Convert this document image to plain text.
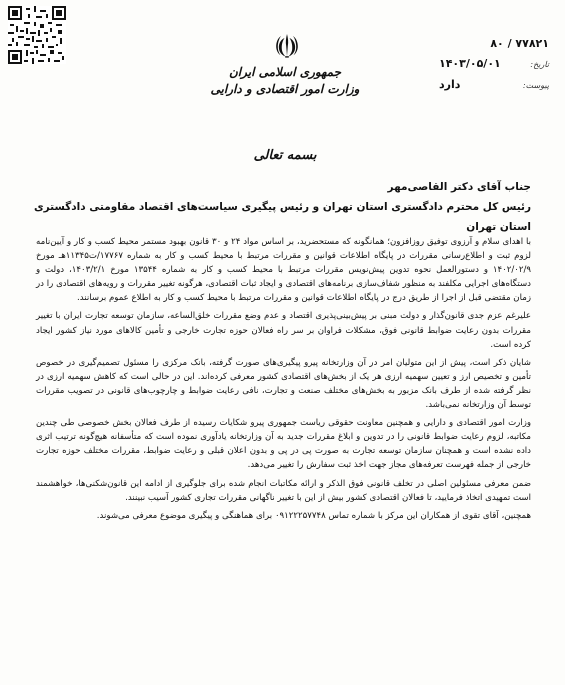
۸۰ / ۷۷۸۲۱
تاریخ:
۱۴۰۳/۰۵/۰۱
پیوست:
دارد
جمهوری اسلامی ایران
وزارت امور اقتصادی و دارایی
بسمه تعالی
جناب آقای دکتر القاصی‌مهر
رئیس کل محترم دادگستری استان تهران و رئیس پیگیری سیاست‌های اقتصاد مقاومتی دادگستری استان تهران

با اهدای سلام و آرزوی توفیق روزافزون؛ همانگونه که مستحضرید، بر اساس مواد ۲۴ و ۳۰ قانون بهبود مستمر محیط کسب و کار و آیین‌نامه لزوم ثبت و اطلاع‌رسانی مقررات در پایگاه اطلاعات قوانین و مقررات مرتبط با محیط کسب و کار به شماره ۱۷۷۶۷/ت۱۱۳۴۵هـ مورخ ۱۴۰۲/۰۲/۹ و دستورالعمل نحوه تدوین پیش‌نویس مقررات مرتبط با محیط کسب و کار به شماره ۱۳۵۴۴ مورخ ۱۴۰۳/۲/۱، دولت و دستگاه‌های اجرایی مکلفند به منظور شفاف‌سازی برنامه‌های اقتصادی و ایجاد ثبات اقتصادی، هرگونه تغییر مقررات و رویه‌های اقتصادی را در زمان مقتضی قبل از اجرا از طریق درج در پایگاه اطلاعات قوانین و مقررات مرتبط با محیط کسب و کار به اطلاع عموم برسانند.

علیرغم عزم جدی قانون‌گذار و دولت مبنی بر پیش‌بینی‌پذیری اقتصاد و عدم وضع مقررات خلق‌الساعه، سازمان توسعه تجارت ایران با تغییر مقررات بدون رعایت ضوابط قانونی فوق، مشکلات فراوان بر سر راه فعالان حوزه تجارت خارجی و تأمین کالاهای مورد نیاز کشور ایجاد کرده است.

شایان ذکر است، پیش از این متولیان امر در آن وزارتخانه پیرو پیگیری‌های صورت گرفته، بانک مرکزی را مسئول تصمیم‌گیری در خصوص تأمین و تخصیص ارز و تعیین سهمیه ارزی هر یک از بخش‌های اقتصادی کشور معرفی کرده‌اند. این در حالی است که کاهش سهمیه ارزی در نظر گرفته شده از طرف بانک مزبور به بخش‌های مختلف صنعت و تجارت، نافی رعایت ضوابط و چارچوب‌های قانونی در تصویب مقررات توسط آن وزارتخانه نمی‌باشد.

وزارت امور اقتصادی و دارایی و همچنین معاونت حقوقی ریاست جمهوری پیرو شکایات رسیده از طرف فعالان بخش خصوصی طی چندین مکاتبه، لزوم رعایت ضوابط قانونی را در تدوین و ابلاغ مقررات جدید به آن وزارتخانه یادآوری نموده است که متأسفانه هیچ‌گونه ترتیب اثری داده نشده است و همچنان سازمان توسعه تجارت به صورت پی در پی و بدون اعلان قبلی و رعایت ضوابط، مقررات مختلف حوزه تجارت خارجی از جمله فهرست تعرفه‌های مجاز جهت اخذ ثبت سفارش را تغییر می‌دهد.

ضمن معرفی مسئولین اصلی در تخلف قانونی فوق الذکر و ارائه مکاتبات انجام شده برای جلوگیری از ادامه این قانون‌شکنی‌ها، خواهشمند است تمهیدی اتخاذ فرمایید، تا فعالان اقتصادی کشور بیش از این با تغییر ناگهانی مقررات تجاری کشور آسیب نبینند.

همچنین، آقای تقوی از همکاران این مرکز با شماره تماس ۰۹۱۲۲۲۵۷۷۴۸ برای هماهنگی و پیگیری موضوع معرفی می‌شوند.
